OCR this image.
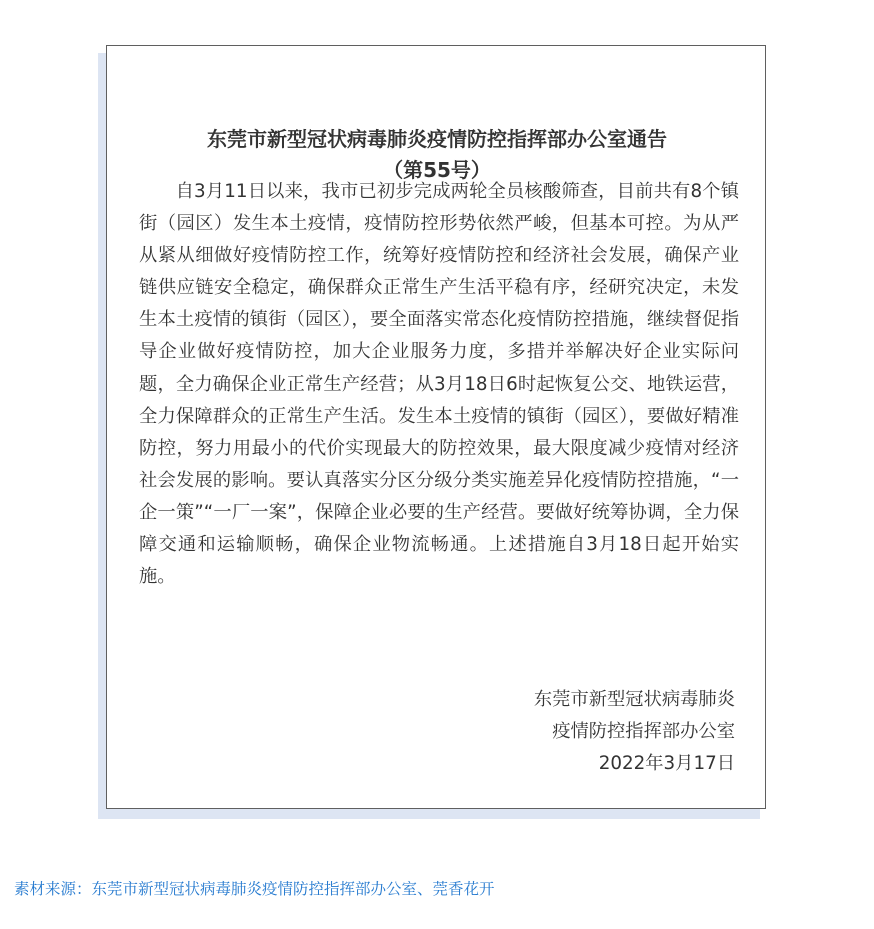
东莞市新型冠状病毒肺炎疫情防控指挥部办公室通告
（第55号）

自3月11日以来，我市已初步完成两轮全员核酸筛查，目前共有8个镇街（园区）发生本土疫情，疫情防控形势依然严峻，但基本可控。为从严从紧从细做好疫情防控工作，统筹好疫情防控和经济社会发展，确保产业链供应链安全稳定，确保群众正常生产生活平稳有序，经研究决定，未发生本土疫情的镇街（园区），要全面落实常态化疫情防控措施，继续督促指导企业做好疫情防控，加大企业服务力度，多措并举解决好企业实际问题，全力确保企业正常生产经营；从3月18日6时起恢复公交、地铁运营，全力保障群众的正常生产生活。发生本土疫情的镇街（园区），要做好精准防控，努力用最小的代价实现最大的防控效果，最大限度减少疫情对经济社会发展的影响。要认真落实分区分级分类实施差异化疫情防控措施，“一企一策”“一厂一案”，保障企业必要的生产经营。要做好统筹协调，全力保障交通和运输顺畅，确保企业物流畅通。上述措施自3月18日起开始实施。

东莞市新型冠状病毒肺炎
疫情防控指挥部办公室
2022年3月17日
素材来源：东莞市新型冠状病毒肺炎疫情防控指挥部办公室、莞香花开
